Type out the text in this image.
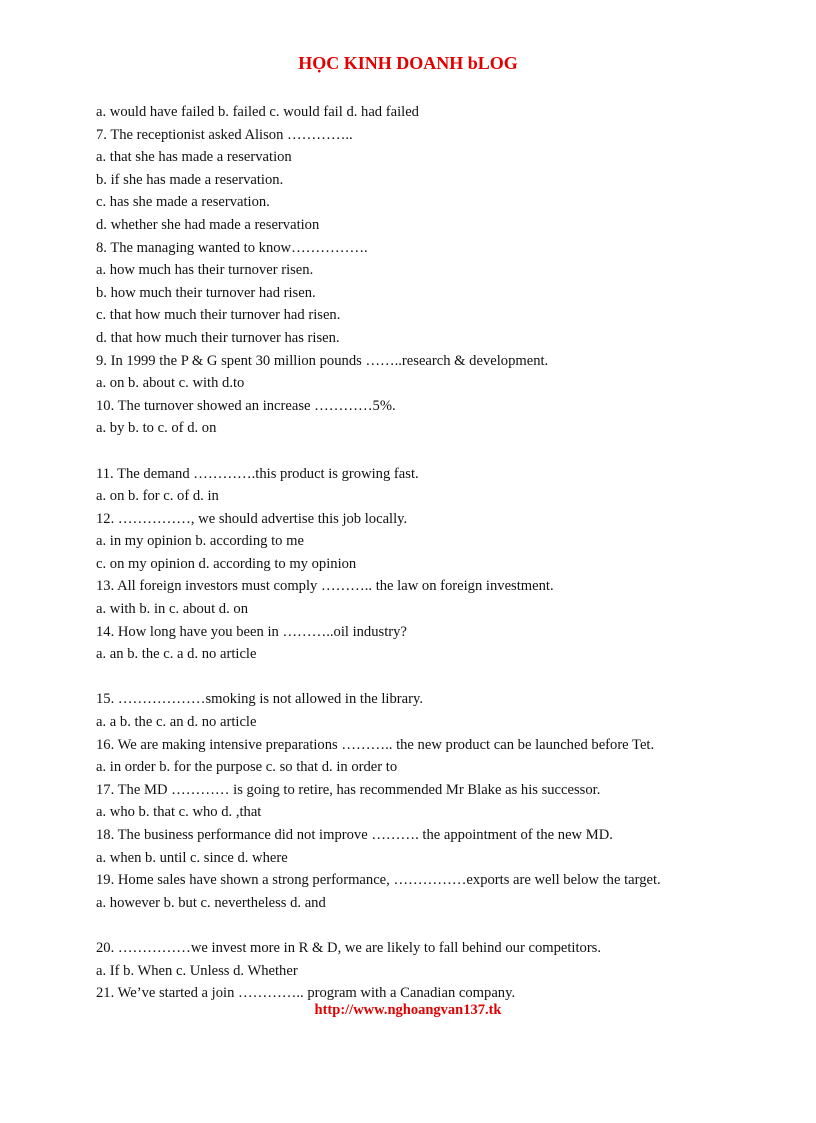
HỌC KINH DOANH bLOG
a. would have failed b. failed c. would fail d. had failed
7. The receptionist asked Alison …………..
a. that she has made a reservation
b. if she has made a reservation.
c. has she made a reservation.
d. whether she had made a reservation
8. The managing wanted to know…………….
a. how much has their turnover risen.
b. how much their turnover had risen.
c. that how much their turnover had risen.
d. that how much their turnover has risen.
9. In 1999 the P & G spent 30 million pounds ……..research & development.
a. on b. about c. with d.to
10. The turnover showed an increase …………5%.
a. by b. to c. of d. on
11. The demand ………….this product is growing fast.
a. on b. for c. of d. in
12. ……………, we should advertise this job locally.
a. in my opinion b. according to me
c. on my opinion d. according to my opinion
13. All foreign investors must comply ……….. the law on foreign investment.
a. with b. in c. about d. on
14. How long have you been in ………..oil industry?
a. an b. the c. a d. no article
15. ………………smoking is not allowed in the library.
a. a b. the c. an d. no article
16. We are making intensive preparations ……….. the new product can be launched before Tet.
a. in order b. for the purpose c. so that d. in order to
17. The MD ………… is going to retire, has recommended Mr Blake as his successor.
a. who b. that c. who d. ,that
18. The business performance did not improve ………. the appointment of the new MD.
a. when b. until c. since d. where
19. Home sales have shown a strong performance, ……………exports are well below the target.
a. however b. but c. nevertheless d. and
20. ……………we invest more in R & D, we are likely to fall behind our competitors.
a. If b. When c. Unless d. Whether
21. We’ve started a join ………….. program with a Canadian company.
http://www.nghoangvan137.tk
